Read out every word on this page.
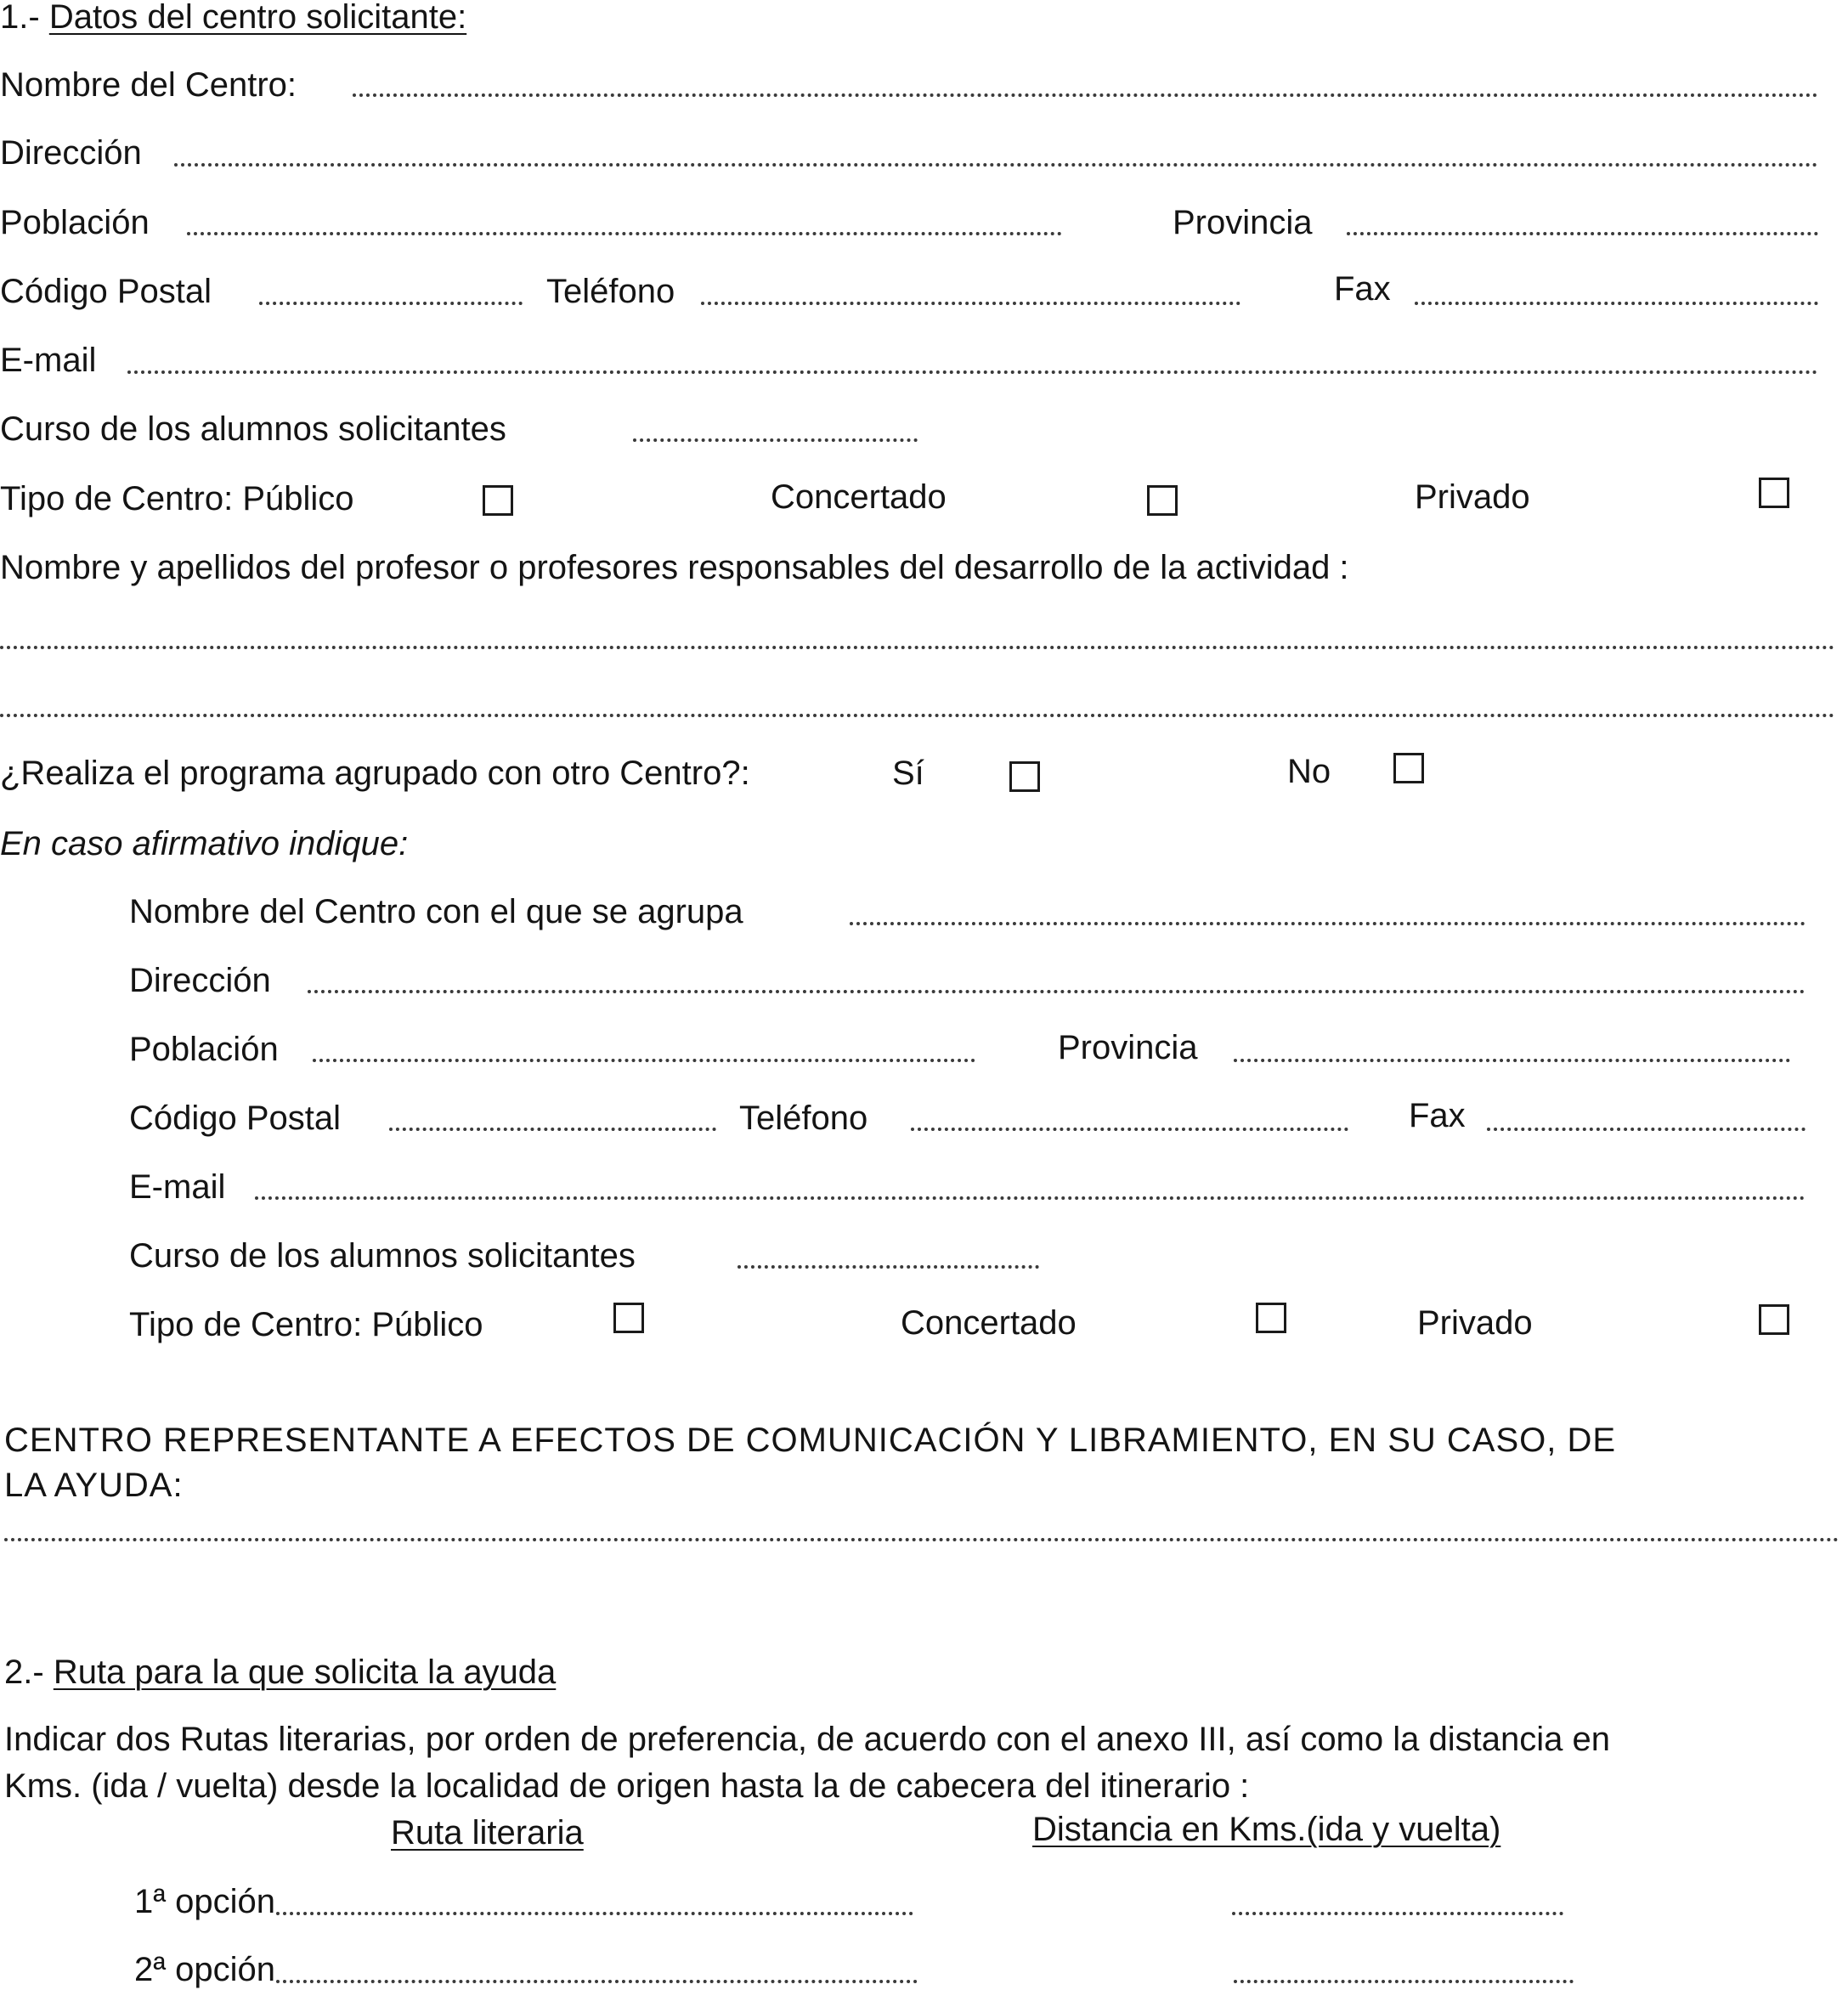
1.- Datos del centro solicitante:
Nombre del Centro:
Dirección
Población	Provincia
Código Postal	Teléfono	Fax
E-mail
Curso de los alumnos solicitantes
Tipo de Centro: Público	Concertado	Privado
Nombre y apellidos del profesor o profesores responsables del desarrollo de la actividad :
¿Realiza el programa agrupado con otro Centro?:	Sí	No
En caso afirmativo indique:
Nombre del Centro con el que se agrupa
Dirección
Población	Provincia
Código Postal	Teléfono	Fax
E-mail
Curso de los alumnos solicitantes
Tipo de Centro: Público	Concertado	Privado
CENTRO REPRESENTANTE A EFECTOS DE COMUNICACIÓN Y LIBRAMIENTO, EN SU CASO, DE
LA AYUDA:
2.- Ruta para la que solicita la ayuda
Indicar dos Rutas literarias, por orden de preferencia, de acuerdo con el anexo III, así como la distancia en
Kms. (ida / vuelta) desde la localidad de origen hasta la de cabecera del itinerario :
Ruta literaria	Distancia en Kms.(ida y vuelta)
1ª opción
2ª opción
